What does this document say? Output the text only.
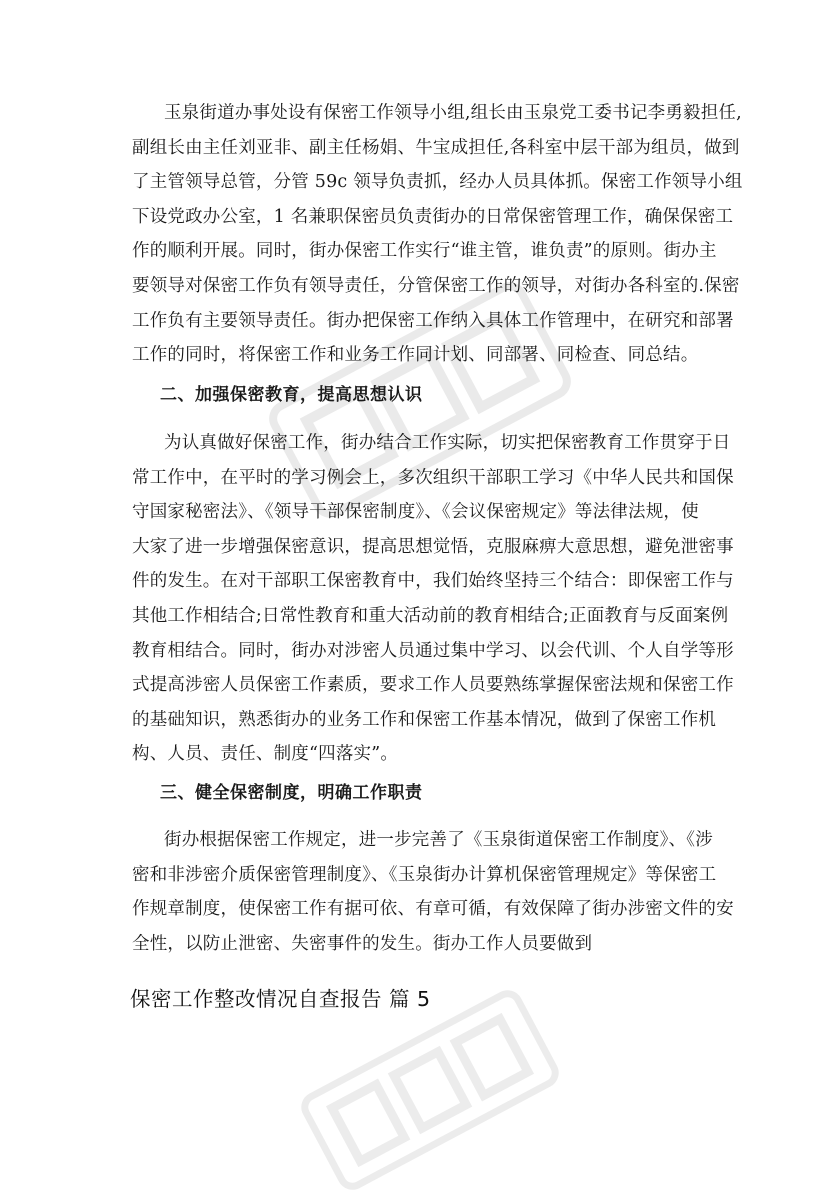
玉泉街道办事处设有保密工作领导小组,组长由玉泉党工委书记李勇毅担任,
副组长由主任刘亚非、副主任杨娟、牛宝成担任,各科室中层干部为组员，做到
了主管领导总管，分管 59c 领导负责抓，经办人员具体抓。保密工作领导小组
下设党政办公室，1 名兼职保密员负责街办的日常保密管理工作，确保保密工
作的顺利开展。同时，街办保密工作实行“谁主管，谁负责”的原则。街办主
要领导对保密工作负有领导责任，分管保密工作的领导，对街办各科室的.保密
工作负有主要领导责任。街办把保密工作纳入具体工作管理中，在研究和部署
工作的同时，将保密工作和业务工作同计划、同部署、同检查、同总结。
二、加强保密教育，提高思想认识
为认真做好保密工作，街办结合工作实际，切实把保密教育工作贯穿于日
常工作中，在平时的学习例会上，多次组织干部职工学习《中华人民共和国保
守国家秘密法》、《领导干部保密制度》、《会议保密规定》等法律法规，使
大家了进一步增强保密意识，提高思想觉悟，克服麻痹大意思想，避免泄密事
件的发生。在对干部职工保密教育中，我们始终坚持三个结合：即保密工作与
其他工作相结合;日常性教育和重大活动前的教育相结合;正面教育与反面案例
教育相结合。同时，街办对涉密人员通过集中学习、以会代训、个人自学等形
式提高涉密人员保密工作素质，要求工作人员要熟练掌握保密法规和保密工作
的基础知识，熟悉街办的业务工作和保密工作基本情况，做到了保密工作机
构、人员、责任、制度“四落实”。
三、健全保密制度，明确工作职责
街办根据保密工作规定，进一步完善了《玉泉街道保密工作制度》、《涉
密和非涉密介质保密管理制度》、《玉泉街办计算机保密管理规定》等保密工
作规章制度，使保密工作有据可依、有章可循，有效保障了街办涉密文件的安
全性，以防止泄密、失密事件的发生。街办工作人员要做到
保密工作整改情况自查报告 篇 5
